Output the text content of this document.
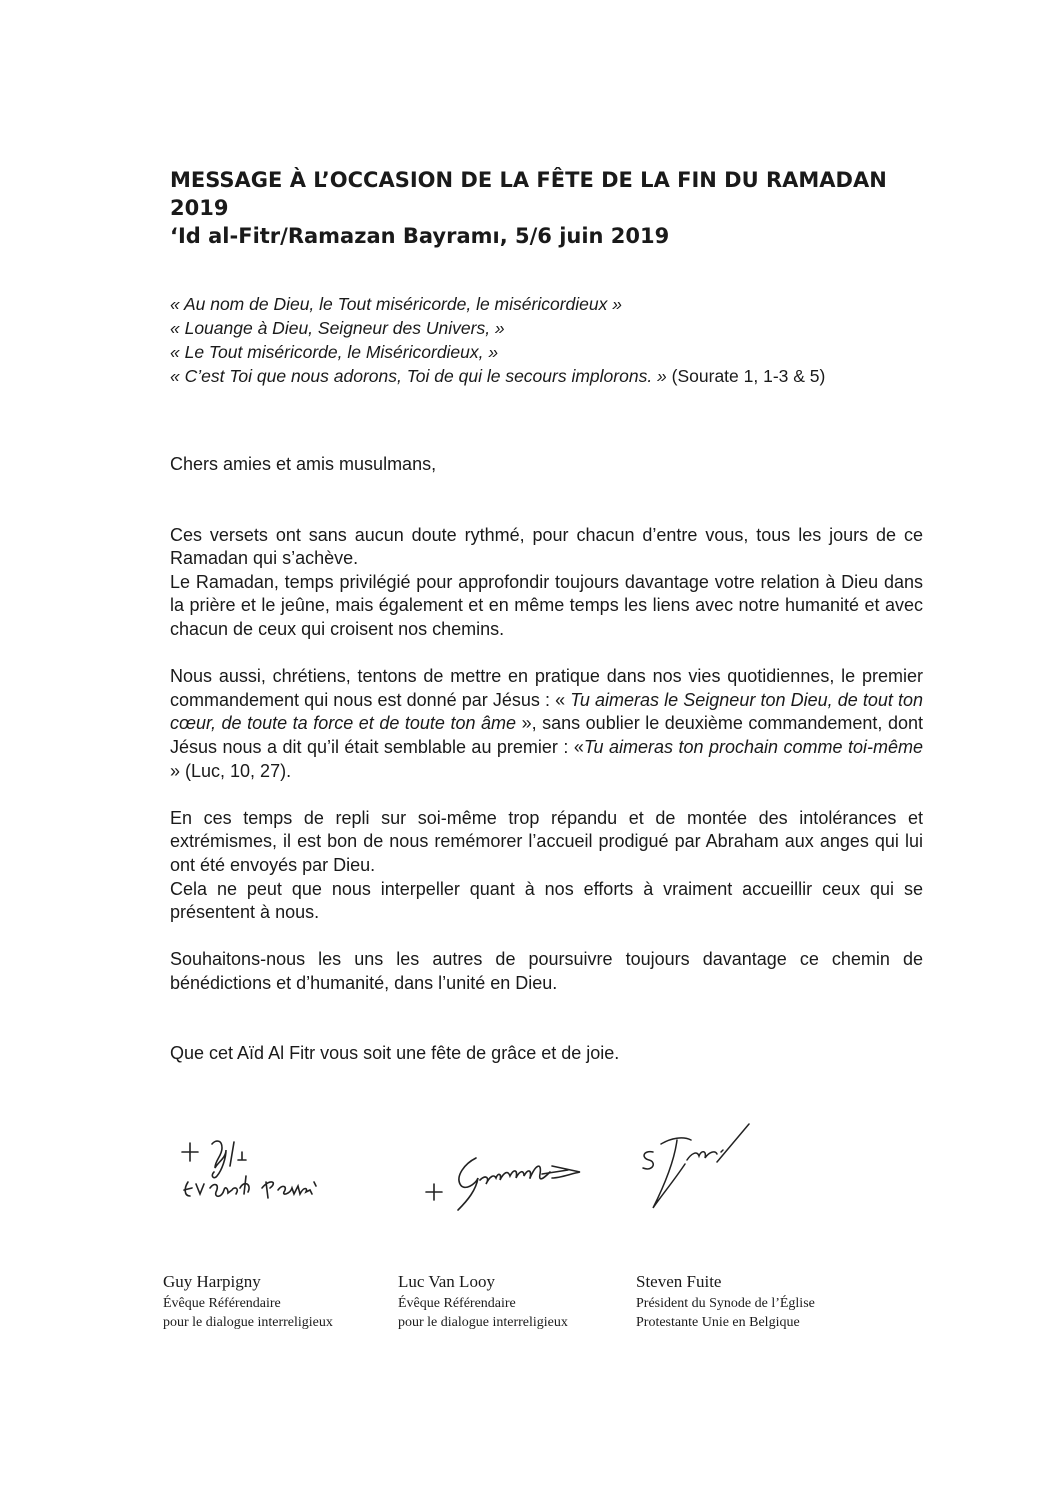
MESSAGE À L’OCCASION DE LA FÊTE DE LA FIN DU RAMADAN
2019
‘Id al-Fitr/Ramazan Bayramı, 5/6 juin 2019
« Au nom de Dieu, le Tout miséricorde, le miséricordieux »
« Louange à Dieu, Seigneur des Univers, »
« Le Tout miséricorde, le Miséricordieux, »
« C’est Toi que nous adorons, Toi de qui le secours implorons. » (Sourate 1, 1-3 & 5)

Chers amies et amis musulmans,

Ces versets ont sans aucun doute rythmé, pour chacun d’entre vous, tous les jours de ce Ramadan qui s’achève.

Le Ramadan, temps privilégié pour approfondir toujours davantage votre relation à Dieu dans la prière et le jeûne, mais également et en même temps les liens avec notre humanité et avec chacun de ceux qui croisent nos chemins.

Nous aussi, chrétiens, tentons de mettre en pratique dans nos vies quotidiennes, le premier commandement qui nous est donné par Jésus : « Tu aimeras le Seigneur ton Dieu, de tout ton cœur, de toute ta force et de toute ton âme », sans oublier le deuxième commandement, dont Jésus nous a dit qu’il était semblable au premier : «Tu aimeras ton prochain comme toi-même » (Luc, 10, 27).

En ces temps de repli sur soi-même trop répandu et de montée des intolérances et extrémismes, il est bon de nous remémorer l’accueil prodigué par Abraham aux anges qui lui ont été envoyés par Dieu.

Cela ne peut que nous interpeller quant à nos efforts à vraiment accueillir ceux qui se présentent à nous.

Souhaitons-nous les uns les autres de poursuivre toujours davantage ce chemin de bénédictions et d’humanité, dans l’unité en Dieu.

Que cet Aïd Al Fitr vous soit une fête de grâce et de joie.

Guy Harpigny
Évêque Référendaire
pour le dialogue interreligieux
Luc Van Looy
Évêque Référendaire
pour le dialogue interreligieux
Steven Fuite
Président du Synode de l’Église
Protestante Unie en Belgique
